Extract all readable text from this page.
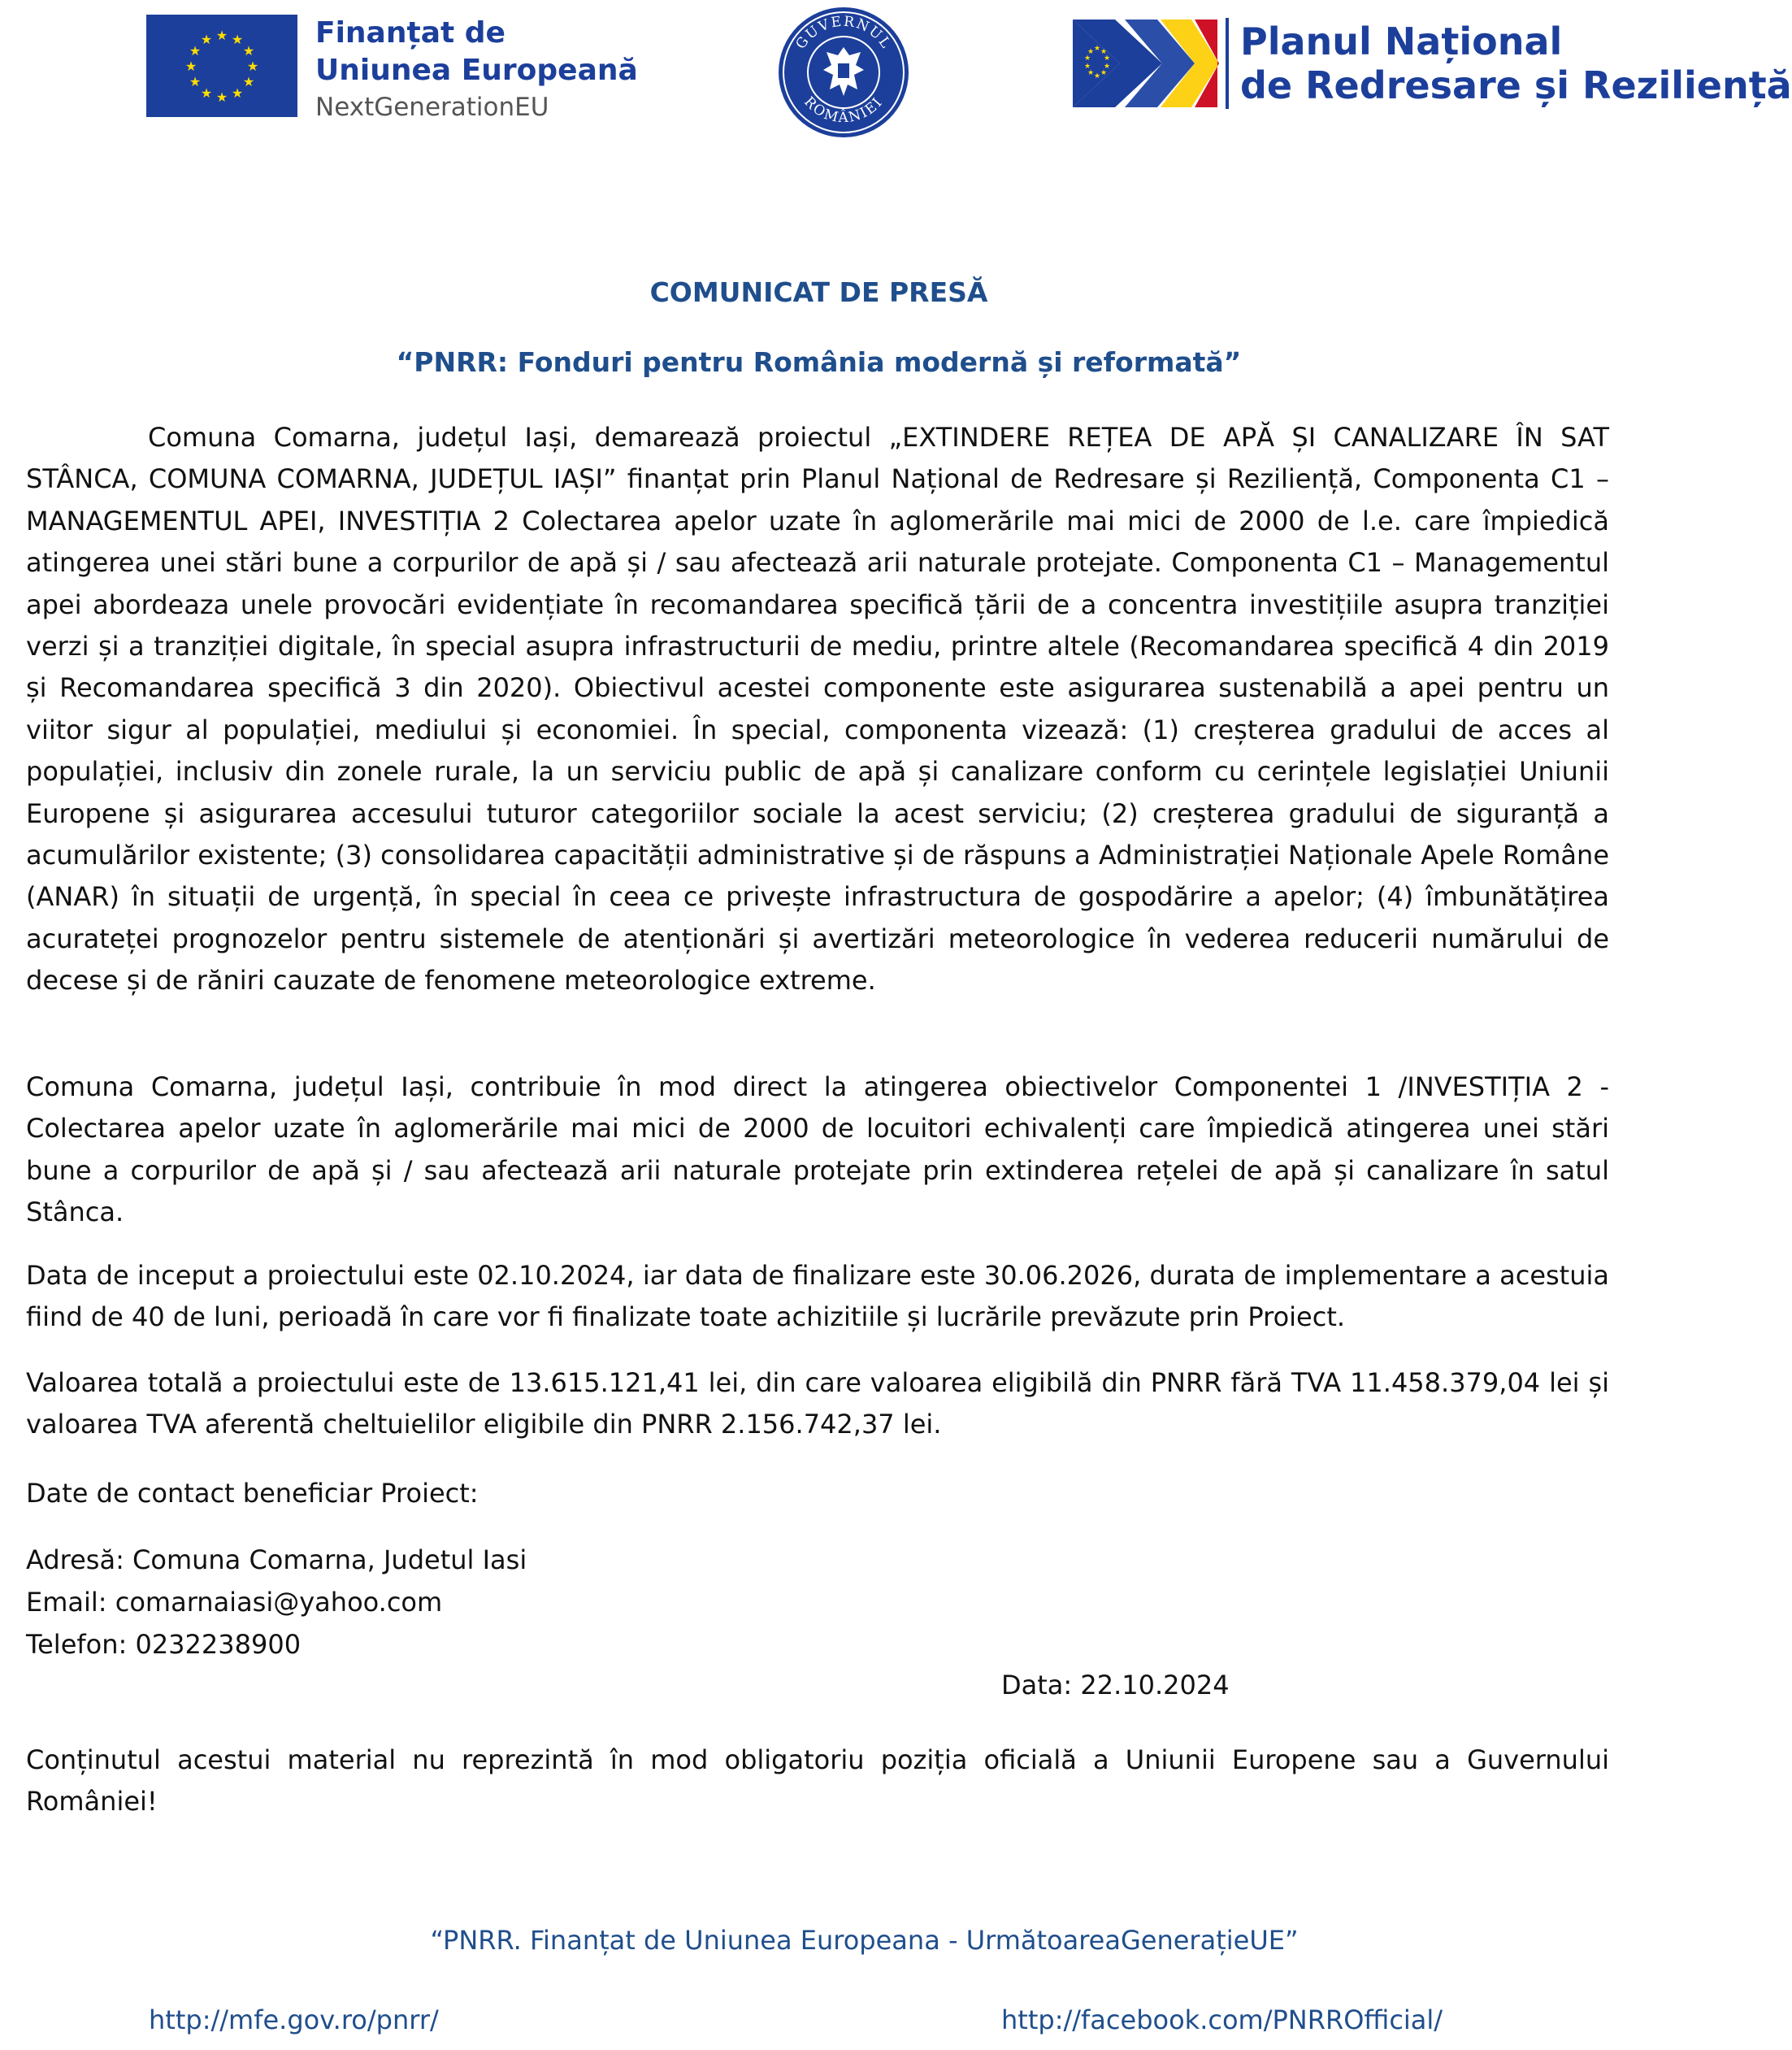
★ ★
★
★
★
★
★
★
★
★
★
★	Finanțat de
Uniunea Europeană
NextGenerationEU
GUVERNUL
ROMÂNIEI
★ ★
★
★
★
★
★
★
★
★	Planul Național
de Redresare și Reziliență
COMUNICAT DE PRESĂ
“PNRR: Fonduri pentru România modernă și reformată”

Comuna Comarna, județul Iași, demarează proiectul „EXTINDERE REȚEA DE APĂ ȘI CANALIZARE ÎN SAT STÂNCA, COMUNA COMARNA, JUDEȚUL IAȘI” finanțat prin Planul Național de Redresare și Reziliență, Componenta C1 – MANAGEMENTUL APEI, INVESTIȚIA 2 Colectarea apelor uzate în aglomerările mai mici de 2000 de l.e. care împiedică atingerea unei stări bune a corpurilor de apă și / sau afectează arii naturale protejate. Componenta C1 – Managementul apei abordeaza unele provocări evidențiate în recomandarea specifică țării de a concentra investițiile asupra tranziției verzi și a tranziției digitale, în special asupra infrastructurii de mediu, printre altele (Recomandarea specifică 4 din 2019 și Recomandarea specifică 3 din 2020). Obiectivul acestei componente este asigurarea sustenabilă a apei pentru un viitor sigur al populației, mediului și economiei. În special, componenta vizează: (1) creșterea gradului de acces al populației, inclusiv din zonele rurale, la un serviciu public de apă și canalizare conform cu cerințele legislației Uniunii Europene și asigurarea accesului tuturor categoriilor sociale la acest serviciu; (2) creșterea gradului de siguranță a acumulărilor existente; (3) consolidarea capacității administrative și de răspuns a Administrației Naționale Apele Române (ANAR) în situații de urgență, în special în ceea ce privește infrastructura de gospodărire a apelor; (4) îmbunătățirea acurateței prognozelor pentru sistemele de atenționări și avertizări meteorologice în vederea reducerii numărului de decese și de răniri cauzate de fenomene meteorologice extreme.

Comuna Comarna, județul Iași, contribuie în mod direct la atingerea obiectivelor Componentei 1 /INVESTIȚIA 2 - Colectarea apelor uzate în aglomerările mai mici de 2000 de locuitori echivalenți care împiedică atingerea unei stări bune a corpurilor de apă și / sau afectează arii naturale protejate prin extinderea rețelei de apă și canalizare în satul Stânca.

Data de inceput a proiectului este 02.10.2024, iar data de finalizare este 30.06.2026, durata de implementare a acestuia fiind de 40 de luni, perioadă în care vor fi finalizate toate achizitiile și lucrările prevăzute prin Proiect.

Valoarea totală a proiectului este de 13.615.121,41 lei, din care valoarea eligibilă din PNRR fără TVA 11.458.379,04 lei și valoarea TVA aferentă cheltuielilor eligibile din PNRR 2.156.742,37 lei.

Date de contact beneficiar Proiect:
Adresă: Comuna Comarna, Judetul Iasi
Email: comarnaiasi@yahoo.com
Telefon: 0232238900
Data: 22.10.2024

Conținutul acestui material nu reprezintă în mod obligatoriu poziția oficială a Uniunii Europene sau a Guvernului României!

“PNRR. Finanțat de Uniunea Europeana - UrmătoareaGenerațieUE”
http://mfe.gov.ro/pnrr/	http://facebook.com/PNRROfficial/
